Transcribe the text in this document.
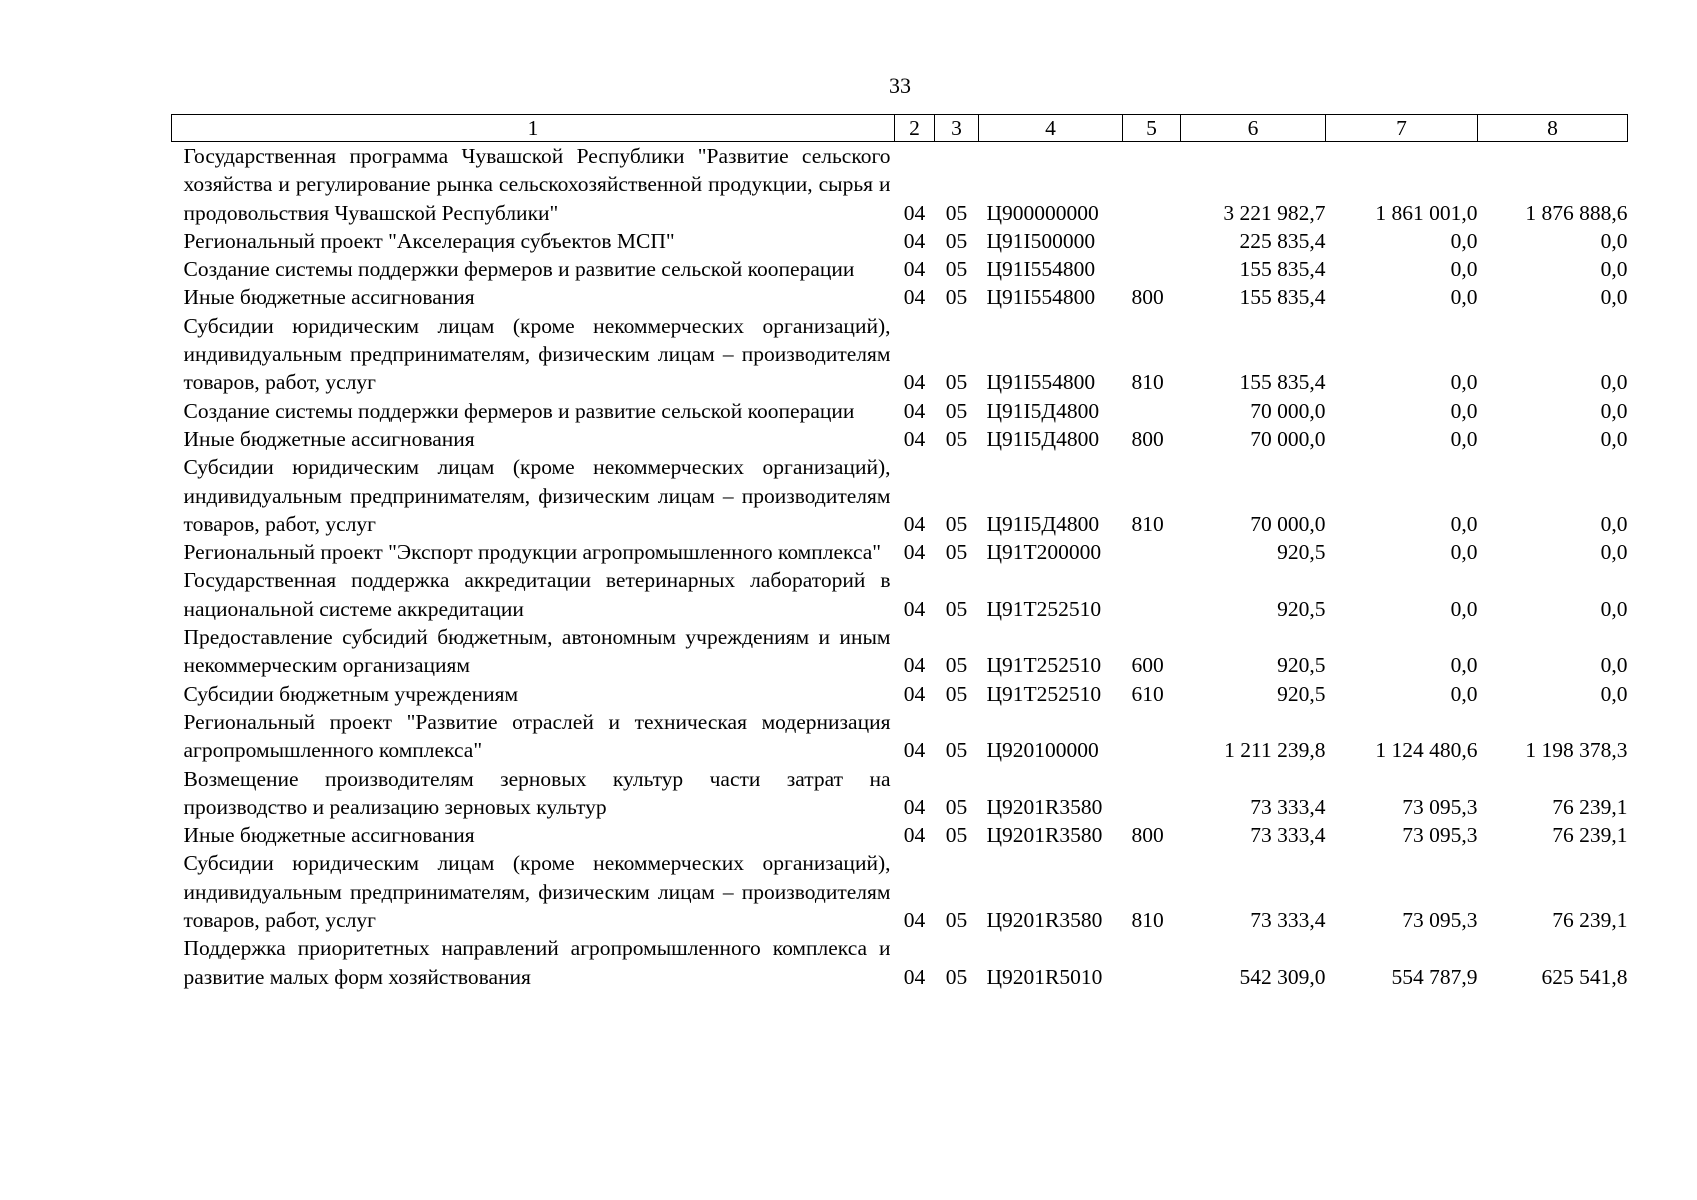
33
1	2	3	4	5	6	7	8
Государственная программа Чувашской Республики "Развитие сельского хозяйства и регулирование рынка сельскохозяйственной продукции, сырья и продовольствия Чувашской Республики"	04	05	Ц900000000		3 221 982,7	1 861 001,0	1 876 888,6
Региональный проект "Акселерация субъектов МСП"	04	05	Ц91I500000		225 835,4	0,0	0,0
Создание системы поддержки фермеров и развитие сельской кооперации	04	05	Ц91I554800		155 835,4	0,0	0,0
Иные бюджетные ассигнования	04	05	Ц91I554800	800	155 835,4	0,0	0,0
Субсидии юридическим лицам (кроме некоммерческих организаций), индивидуальным предпринимателям, физическим лицам – производителям товаров, работ, услуг	04	05	Ц91I554800	810	155 835,4	0,0	0,0
Создание системы поддержки фермеров и развитие сельской кооперации	04	05	Ц91I5Д4800		70 000,0	0,0	0,0
Иные бюджетные ассигнования	04	05	Ц91I5Д4800	800	70 000,0	0,0	0,0
Субсидии юридическим лицам (кроме некоммерческих организаций), индивидуальным предпринимателям, физическим лицам – производителям товаров, работ, услуг	04	05	Ц91I5Д4800	810	70 000,0	0,0	0,0
Региональный проект "Экспорт продукции агропромышленного комплекса"	04	05	Ц91T200000		920,5	0,0	0,0
Государственная поддержка аккредитации ветеринарных лабораторий в национальной системе аккредитации	04	05	Ц91T252510		920,5	0,0	0,0
Предоставление субсидий бюджетным, автономным учреждениям и иным некоммерческим организациям	04	05	Ц91T252510	600	920,5	0,0	0,0
Субсидии бюджетным учреждениям	04	05	Ц91T252510	610	920,5	0,0	0,0
Региональный проект "Развитие отраслей и техническая модернизация агропромышленного комплекса"	04	05	Ц920100000		1 211 239,8	1 124 480,6	1 198 378,3
Возмещение производителям зерновых культур части затрат на производство и реализацию зерновых культур	04	05	Ц9201R3580		73 333,4	73 095,3	76 239,1
Иные бюджетные ассигнования	04	05	Ц9201R3580	800	73 333,4	73 095,3	76 239,1
Субсидии юридическим лицам (кроме некоммерческих организаций), индивидуальным предпринимателям, физическим лицам – производителям товаров, работ, услуг	04	05	Ц9201R3580	810	73 333,4	73 095,3	76 239,1
Поддержка приоритетных направлений агропромышленного комплекса и развитие малых форм хозяйствования	04	05	Ц9201R5010		542 309,0	554 787,9	625 541,8
